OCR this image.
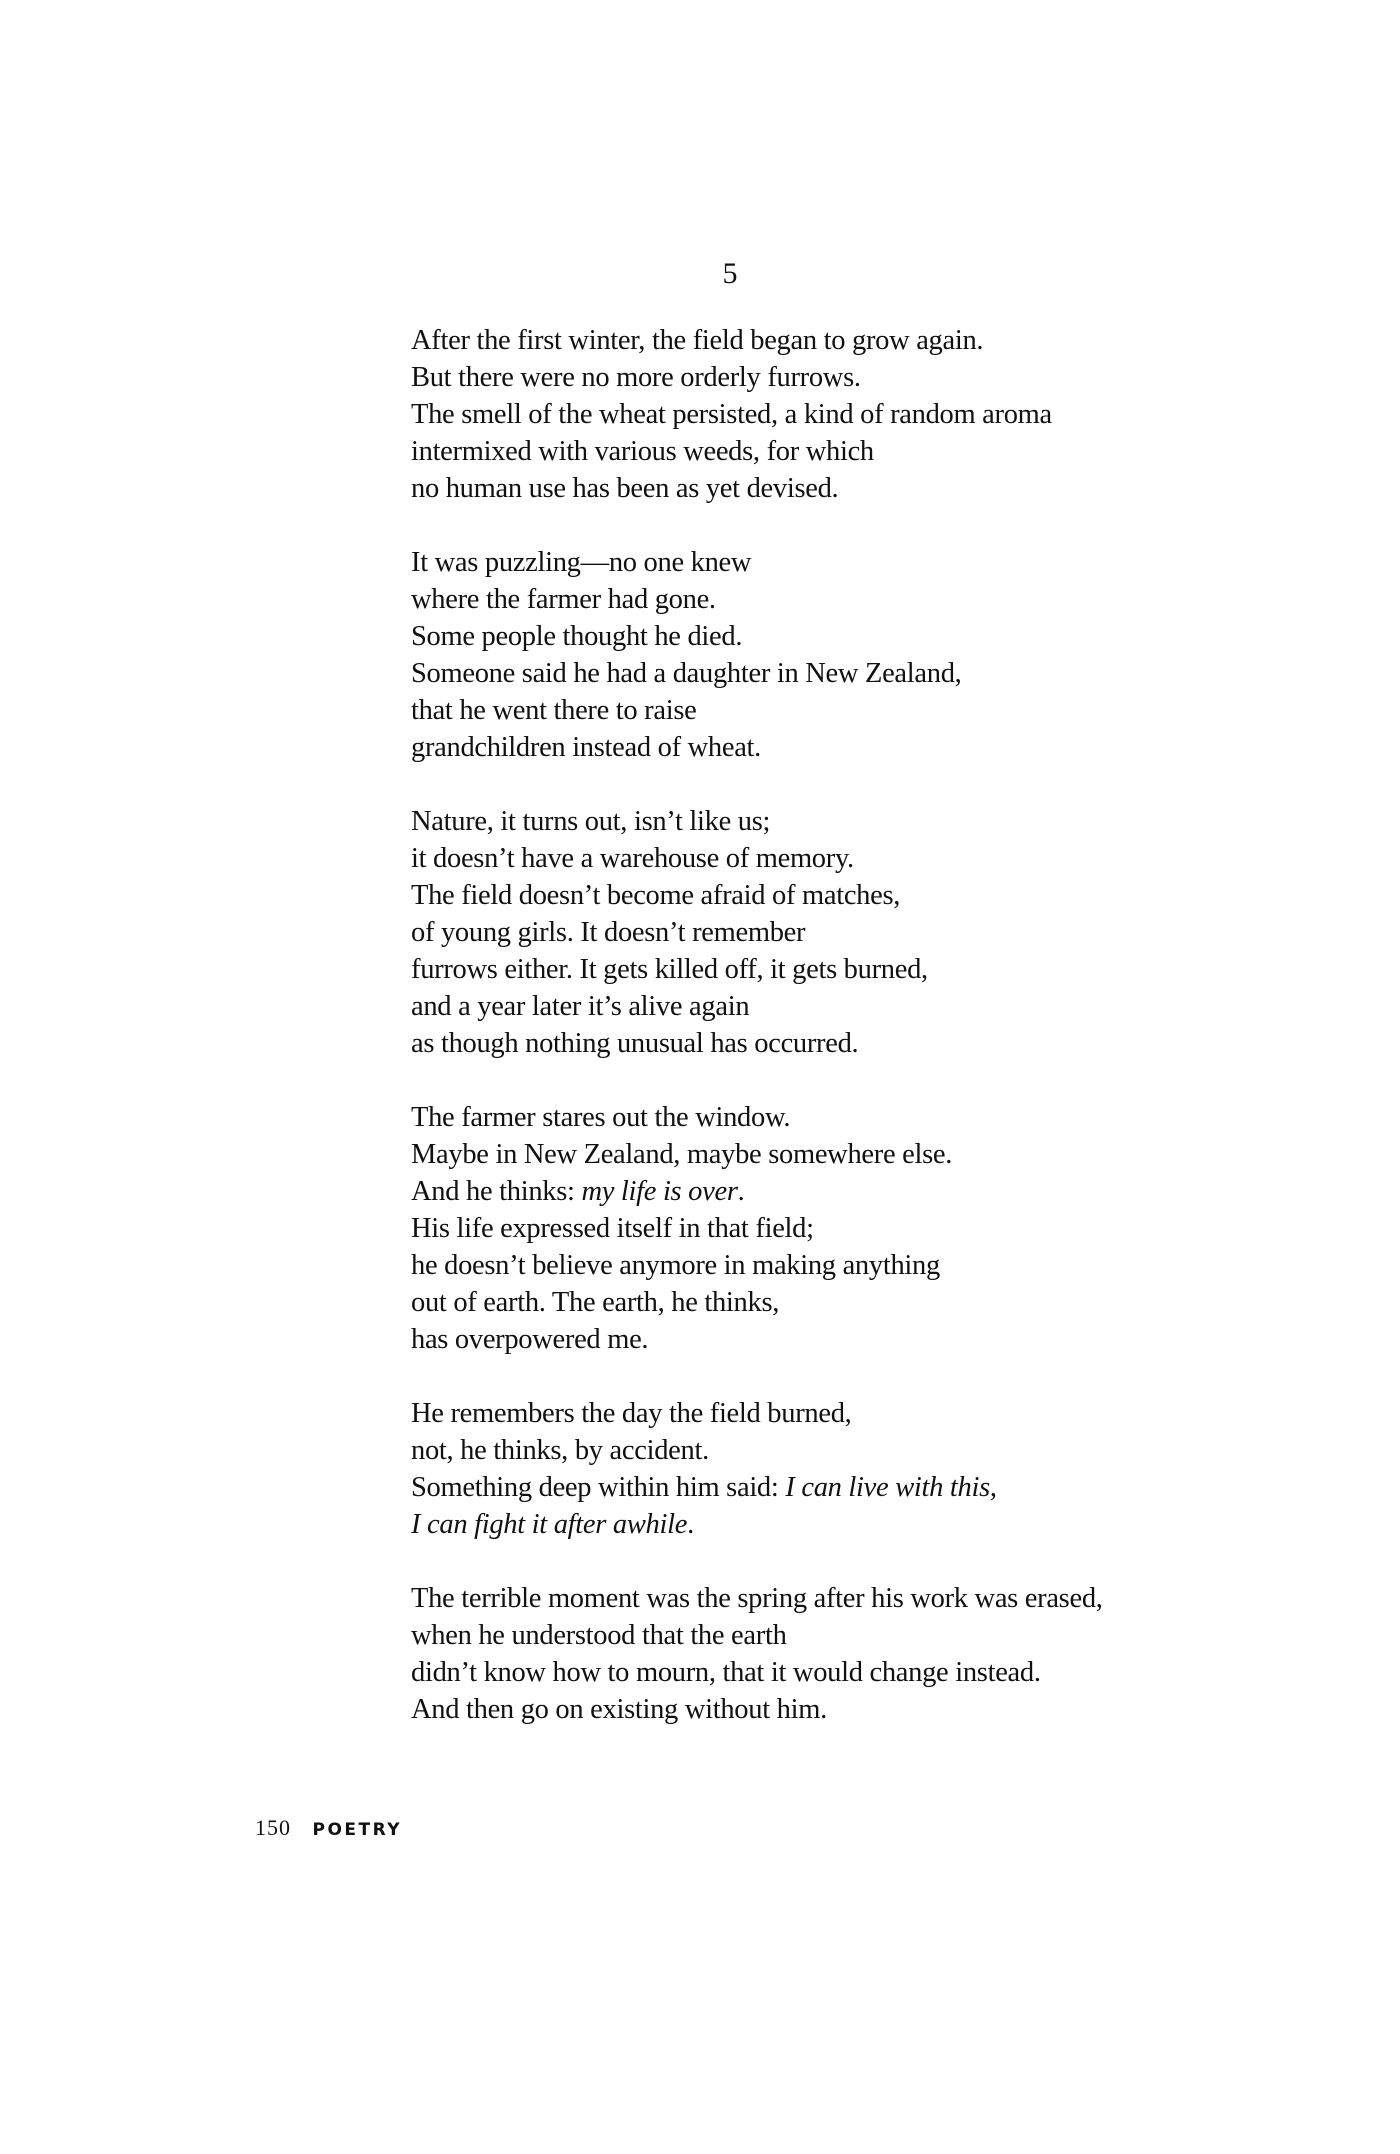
5
After the first winter, the field began to grow again.
But there were no more orderly furrows.
The smell of the wheat persisted, a kind of random aroma
intermixed with various weeds, for which
no human use has been as yet devised.
It was puzzling—no one knew
where the farmer had gone.
Some people thought he died.
Someone said he had a daughter in New Zealand,
that he went there to raise
grandchildren instead of wheat.
Nature, it turns out, isn’t like us;
it doesn’t have a warehouse of memory.
The field doesn’t become afraid of matches,
of young girls. It doesn’t remember
furrows either. It gets killed off, it gets burned,
and a year later it’s alive again
as though nothing unusual has occurred.
The farmer stares out the window.
Maybe in New Zealand, maybe somewhere else.
And he thinks: my life is over.
His life expressed itself in that field;
he doesn’t believe anymore in making anything
out of earth. The earth, he thinks,
has overpowered me.
He remembers the day the field burned,
not, he thinks, by accident.
Something deep within him said: I can live with this,
I can fight it after awhile.
The terrible moment was the spring after his work was erased,
when he understood that the earth
didn’t know how to mourn, that it would change instead.
And then go on existing without him.
150 POETRY
